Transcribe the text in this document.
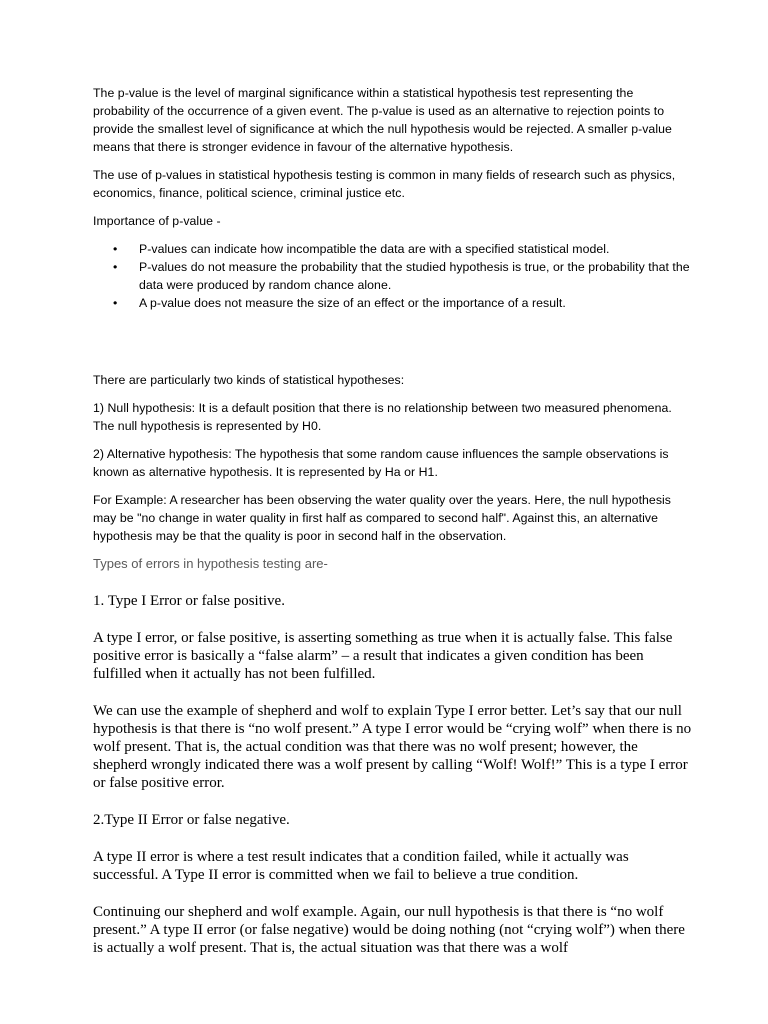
The p-value is the level of marginal significance within a statistical hypothesis test representing the probability of the occurrence of a given event. The p-value is used as an alternative to rejection points to provide the smallest level of significance at which the null hypothesis would be rejected. A smaller p-value means that there is stronger evidence in favour of the alternative hypothesis.

The use of p-values in statistical hypothesis testing is common in many fields of research such as physics, economics, finance, political science, criminal justice etc.

Importance of p-value -

• P-values can indicate how incompatible the data are with a specified statistical model.
• P-values do not measure the probability that the studied hypothesis is true, or the probability that the data were produced by random chance alone.
• A p-value does not measure the size of an effect or the importance of a result.

There are particularly two kinds of statistical hypotheses:

1) Null hypothesis: It is a default position that there is no relationship between two measured phenomena. The null hypothesis is represented by H0.

2) Alternative hypothesis: The hypothesis that some random cause influences the sample observations is known as alternative hypothesis. It is represented by Ha or H1.

For Example: A researcher has been observing the water quality over the years. Here, the null hypothesis may be "no change in water quality in first half as compared to second half". Against this, an alternative hypothesis may be that the quality is poor in second half in the observation.

Types of errors in hypothesis testing are-

1. Type I Error or false positive.

A type I error, or false positive, is asserting something as true when it is actually false. This false positive error is basically a “false alarm” – a result that indicates a given condition has been fulfilled when it actually has not been fulfilled.

We can use the example of shepherd and wolf to explain Type I error better. Let’s say that our null hypothesis is that there is “no wolf present.” A type I error would be “crying wolf” when there is no wolf present. That is, the actual condition was that there was no wolf present; however, the shepherd wrongly indicated there was a wolf present by calling “Wolf! Wolf!” This is a type I error or false positive error.

2.Type II Error or false negative.

A type II error is where a test result indicates that a condition failed, while it actually was successful. A Type II error is committed when we fail to believe a true condition.

Continuing our shepherd and wolf example. Again, our null hypothesis is that there is “no wolf present.” A type II error (or false negative) would be doing nothing (not “crying wolf”) when there is actually a wolf present. That is, the actual situation was that there was a wolf
